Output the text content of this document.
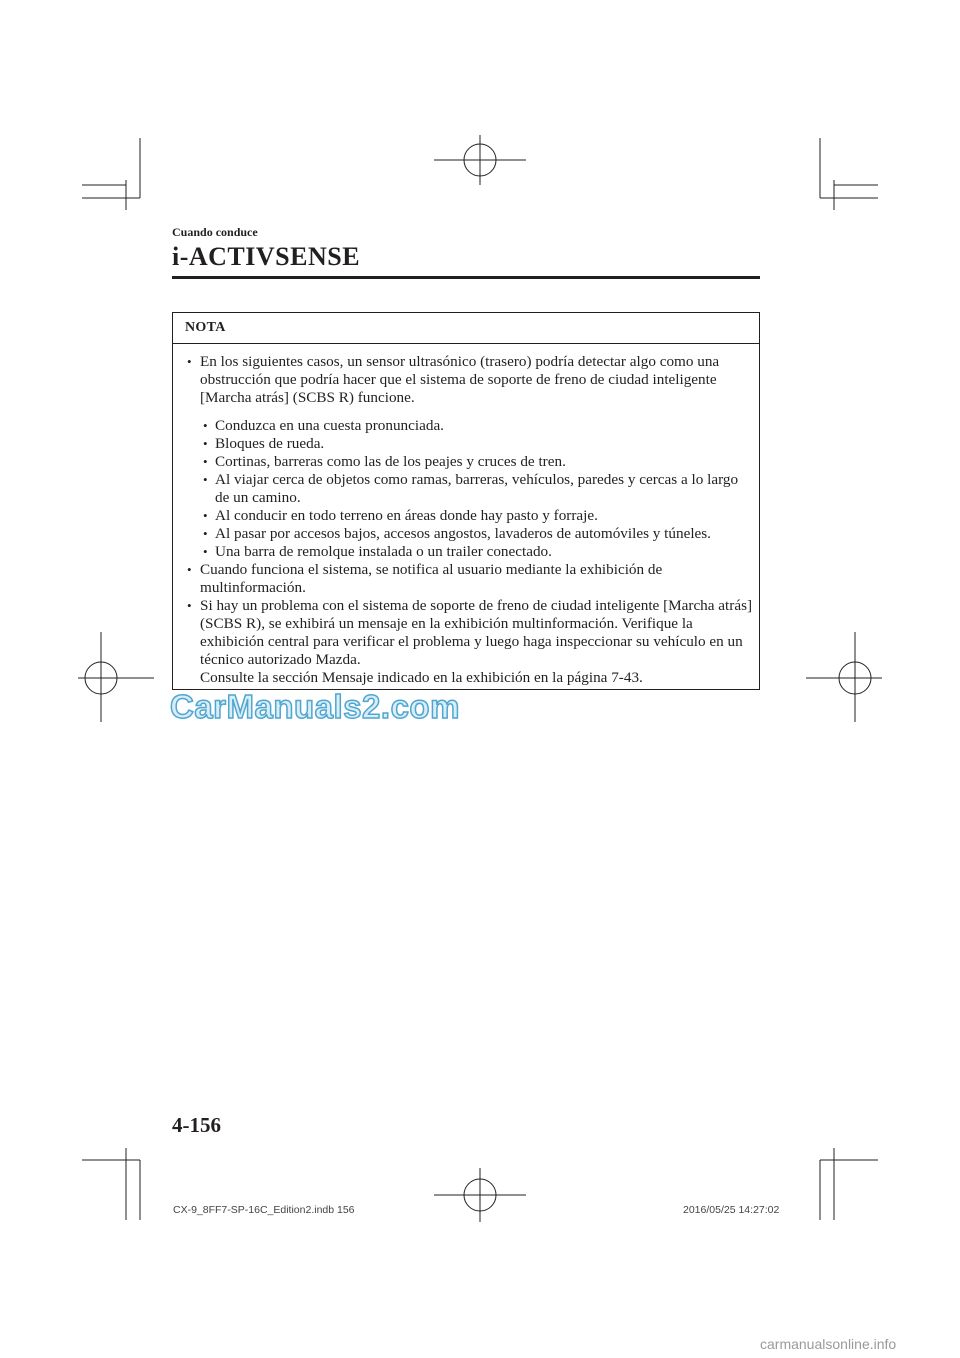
Cuando conduce
i-ACTIVSENSE
NOTA
• En los siguientes casos, un sensor ultrasónico (trasero) podría detectar algo como una obstrucción que podría hacer que el sistema de soporte de freno de ciudad inteligente [Marcha atrás] (SCBS R) funcione.
• Conduzca en una cuesta pronunciada.
• Bloques de rueda.
• Cortinas, barreras como las de los peajes y cruces de tren.
• Al viajar cerca de objetos como ramas, barreras, vehículos, paredes y cercas a lo largo de un camino.
• Al conducir en todo terreno en áreas donde hay pasto y forraje.
• Al pasar por accesos bajos, accesos angostos, lavaderos de automóviles y túneles.
• Una barra de remolque instalada o un trailer conectado.
• Cuando funciona el sistema, se notifica al usuario mediante la exhibición de multinformación.
• Si hay un problema con el sistema de soporte de freno de ciudad inteligente [Marcha atrás] (SCBS R), se exhibirá un mensaje en la exhibición multinformación. Verifique la exhibición central para verificar el problema y luego haga inspeccionar su vehículo en un técnico autorizado Mazda.
Consulte la sección Mensaje indicado en la exhibición en la página 7-43.
CarManuals2.com
4-156
CX-9_8FF7-SP-16C_Edition2.indb 156	2016/05/25 14:27:02
carmanualsonline.info
